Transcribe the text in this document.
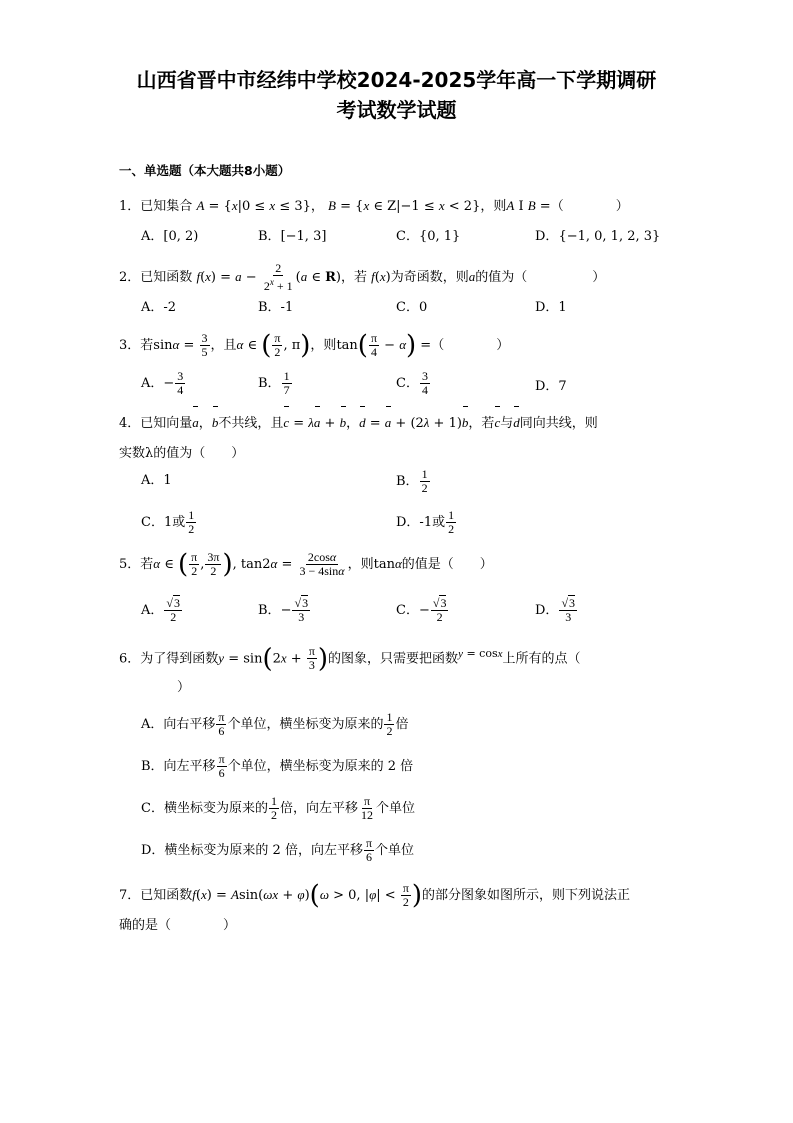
山西省晋中市经纬中学校2024-2025学年高一下学期调研
考试数学试题
一、单选题（本大题共8小题）
1．已知集合 A = {x|0 ≤ x ≤ 3}， B = {x ∈ Z|−1 ≤ x < 2}，则A I B =（　　　　）
A．[0, 2)	B．[−1, 3]	C．{0, 1}	D．{−1, 0, 1, 2, 3}
2．已知函数 $f(x) = a - \frac{2}{2^x + 1} (a$ ∈ R)，若 f(x)为奇函数，则a的值为（　　　　　）
A．-2	B．-1	C．0	D．1
3．若$\sin\alpha = \frac{3}{5}$ ，且α ∈ ( $\frac{\pi}{2}$ , π)，则$\tan( \frac{\pi}{4} - \alpha)$ =（　　　　）
A．− $\frac{3}{4}$	B． $\frac{1}{7}$	C． $\frac{3}{4}$	D．7
4．已知向量a，b不共线，且c = λa + b，d = a + (2λ + 1)b，若c与d同向共线，则
实数λ的值为（　　）
A．1	B． $\frac{1}{2}$
C．1或 $\frac{1}{2}$	D．-1或 $\frac{1}{2}$
5．若α ∈ ( $\frac{\pi}{2}$ , $\frac{3\pi}{2}$ ), $\tan 2\alpha = \frac{2\cos\alpha}{3 - 4\sin\alpha}$ ，则tanα的值是（　　）
A． $\frac{√3}{2}$	B．− $\frac{√3}{3}$	C．− $\frac{√3}{2}$	D． $\frac{√3}{3}$
6．为了得到函数$y = \sin(2x + \frac{\pi}{3}$ )的图象，只需要把函数$^y$ $^{= cosx}$上所有的点（
）
A．向右平移 $\frac{\pi}{6}$ 个单位，横坐标变为原来的 $\frac{1}{2}$ 倍
B．向左平移 $\frac{\pi}{6}$ 个单位，横坐标变为原来的 2 倍
C．横坐标变为原来的 $\frac{1}{2}$ 倍，向左平移 $\frac{\pi}{12}$ 个单位
D．横坐标变为原来的 2 倍，向左平移 $\frac{\pi}{6}$ 个单位
7．已知函数f(x) = Asin(ωx + φ)(ω > 0, $|\varphi| < \frac{\pi}{2}$ )的部分图象如图所示，则下列说法正
确的是（　　　　）
